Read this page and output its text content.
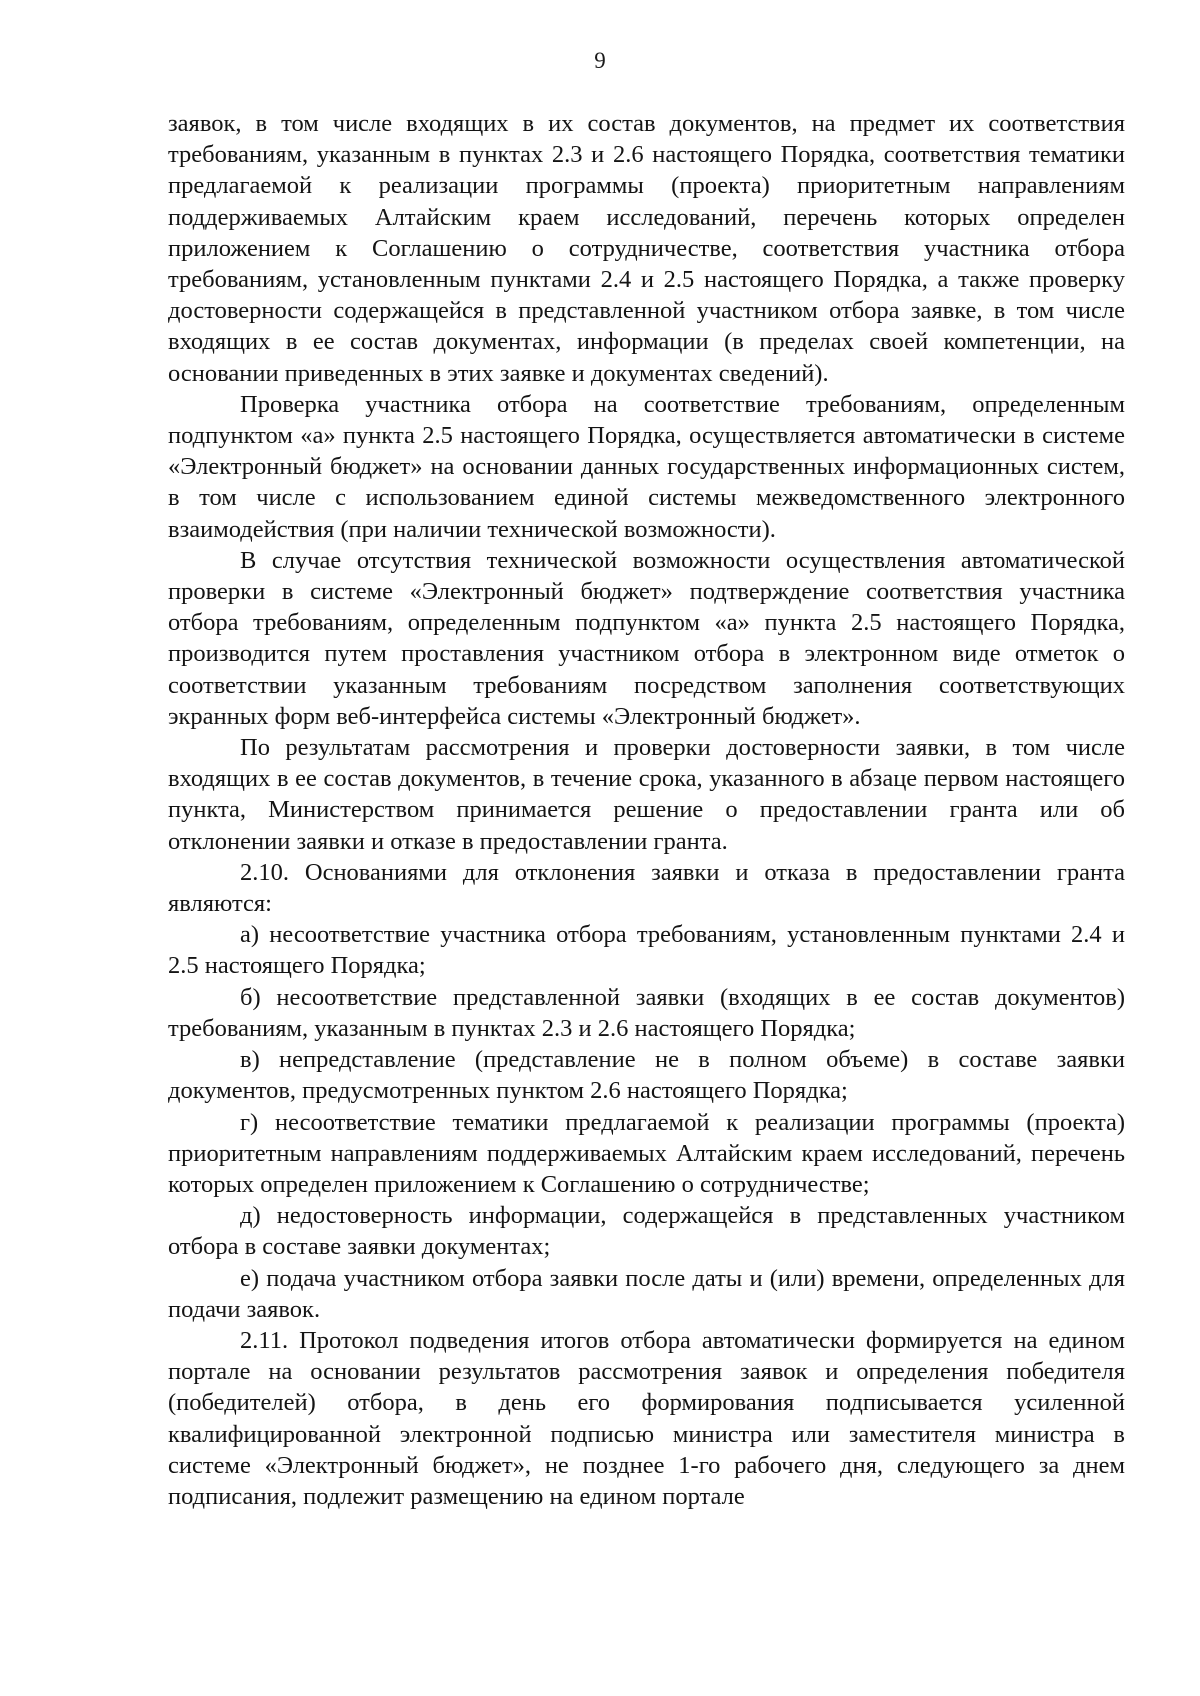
9

заявок, в том числе входящих в их состав документов, на предмет их соответствия требованиям, указанным в пунктах 2.3 и 2.6 настоящего Порядка, соответствия тематики предлагаемой к реализации программы (проекта) приоритетным направлениям поддерживаемых Алтайским краем исследований, перечень которых определен приложением к Соглашению о сотрудничестве, соответствия участника отбора требованиям, установленным пунктами 2.4 и 2.5 настоящего Порядка, а также проверку достоверности содержащейся в представленной участником отбора заявке, в том числе входящих в ее состав документах, информации (в пределах своей компетенции, на основании приведенных в этих заявке и документах сведений).

Проверка участника отбора на соответствие требованиям, определенным подпунктом «а» пункта 2.5 настоящего Порядка, осуществляется автоматически в системе «Электронный бюджет» на основании данных государственных информационных систем, в том числе с использованием единой системы межведомственного электронного взаимодействия (при наличии технической возможности).

В случае отсутствия технической возможности осуществления автоматической проверки в системе «Электронный бюджет» подтверждение соответствия участника отбора требованиям, определенным подпунктом «а» пункта 2.5 настоящего Порядка, производится путем проставления участником отбора в электронном виде отметок о соответствии указанным требованиям посредством заполнения соответствующих экранных форм веб-интерфейса системы «Электронный бюджет».

По результатам рассмотрения и проверки достоверности заявки, в том числе входящих в ее состав документов, в течение срока, указанного в абзаце первом настоящего пункта, Министерством принимается решение о предоставлении гранта или об отклонении заявки и отказе в предоставлении гранта.

2.10. Основаниями для отклонения заявки и отказа в предоставлении гранта являются:

а) несоответствие участника отбора требованиям, установленным пунктами 2.4 и 2.5 настоящего Порядка;

б) несоответствие представленной заявки (входящих в ее состав документов) требованиям, указанным в пунктах 2.3 и 2.6 настоящего Порядка;

в) непредставление (представление не в полном объеме) в составе заявки документов, предусмотренных пунктом 2.6 настоящего Порядка;

г) несоответствие тематики предлагаемой к реализации программы (проекта) приоритетным направлениям поддерживаемых Алтайским краем исследований, перечень которых определен приложением к Соглашению о сотрудничестве;

д) недостоверность информации, содержащейся в представленных участником отбора в составе заявки документах;

е) подача участником отбора заявки после даты и (или) времени, определенных для подачи заявок.

2.11. Протокол подведения итогов отбора автоматически формируется на едином портале на основании результатов рассмотрения заявок и определения победителя (победителей) отбора, в день его формирования подписывается усиленной квалифицированной электронной подписью министра или заместителя министра в системе «Электронный бюджет», не позднее 1-го рабочего дня, следующего за днем подписания, подлежит размещению на едином портале
